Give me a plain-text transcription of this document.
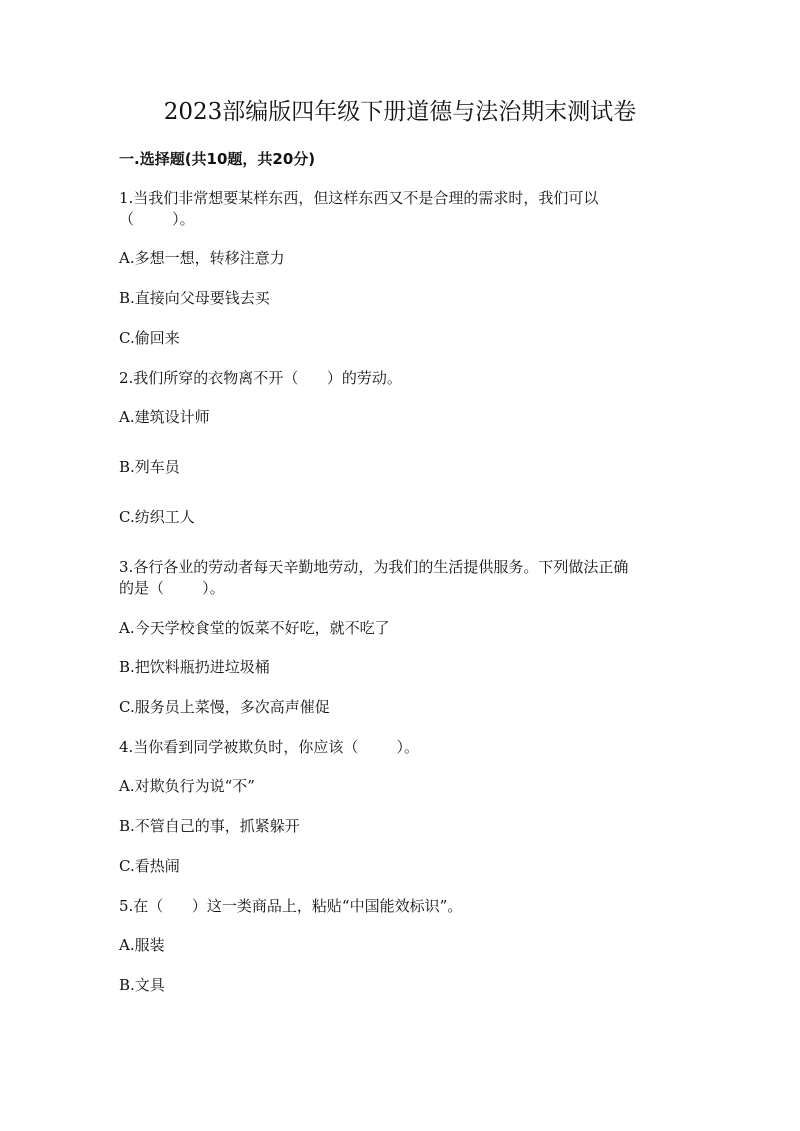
2023部编版四年级下册道德与法治期末测试卷
一.选择题(共10题，共20分)
1.当我们非常想要某样东西，但这样东西又不是合理的需求时，我们可以
（        ）。
A.多想一想，转移注意力
B.直接向父母要钱去买
C.偷回来
2.我们所穿的衣物离不开（      ）的劳动。
A.建筑设计师
B.列车员
C.纺织工人
3.各行各业的劳动者每天辛勤地劳动，为我们的生活提供服务。下列做法正确
的是（        ）。
A.今天学校食堂的饭菜不好吃，就不吃了
B.把饮料瓶扔进垃圾桶
C.服务员上菜慢，多次高声催促
4.当你看到同学被欺负时，你应该（        ）。
A.对欺负行为说“不”
B.不管自己的事，抓紧躲开
C.看热闹
5.在（      ）这一类商品上，粘贴“中国能效标识”。
A.服装
B.文具
